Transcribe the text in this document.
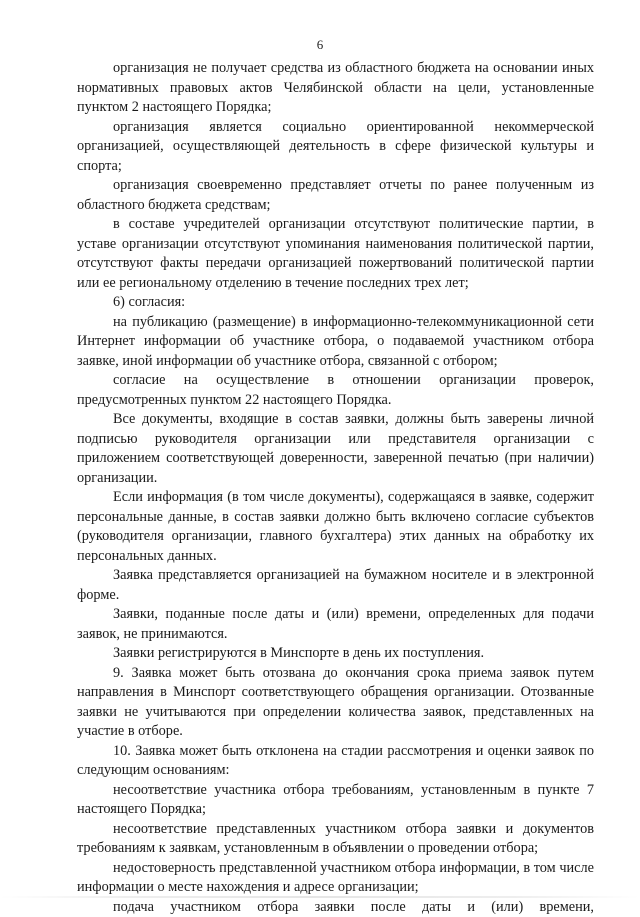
6

организация не получает средства из областного бюджета на основании иных нормативных правовых актов Челябинской области на цели, установленные пунктом 2 настоящего Порядка;

организация является социально ориентированной некоммерческой организацией, осуществляющей деятельность в сфере физической культуры и спорта;

организация своевременно представляет отчеты по ранее полученным из областного бюджета средствам;

в составе учредителей организации отсутствуют политические партии, в уставе организации отсутствуют упоминания наименования политической партии, отсутствуют факты передачи организацией пожертвований политической партии или ее региональному отделению в течение последних трех лет;

6) согласия:

на публикацию (размещение) в информационно-телекоммуникационной сети Интернет информации об участнике отбора, о подаваемой участником отбора заявке, иной информации об участнике отбора, связанной с отбором;

согласие на осуществление в отношении организации проверок, предусмотренных пунктом 22 настоящего Порядка.

Все документы, входящие в состав заявки, должны быть заверены личной подписью руководителя организации или представителя организации с приложением соответствующей доверенности, заверенной печатью (при наличии) организации.

Если информация (в том числе документы), содержащаяся в заявке, содержит персональные данные, в состав заявки должно быть включено согласие субъектов (руководителя организации, главного бухгалтера) этих данных на обработку их персональных данных.

Заявка представляется организацией на бумажном носителе и в электронной форме.

Заявки, поданные после даты и (или) времени, определенных для подачи заявок, не принимаются.

Заявки регистрируются в Минспорте в день их поступления.

9. Заявка может быть отозвана до окончания срока приема заявок путем направления в Минспорт соответствующего обращения организации. Отозванные заявки не учитываются при определении количества заявок, представленных на участие в отборе.

10. Заявка может быть отклонена на стадии рассмотрения и оценки заявок по следующим основаниям:

несоответствие участника отбора требованиям, установленным в пункте 7 настоящего Порядка;

несоответствие представленных участником отбора заявки и документов требованиям к заявкам, установленным в объявлении о проведении отбора;

недостоверность представленной участником отбора информации, в том числе информации о месте нахождения и адресе организации;

подача участником отбора заявки после даты и (или) времени,
